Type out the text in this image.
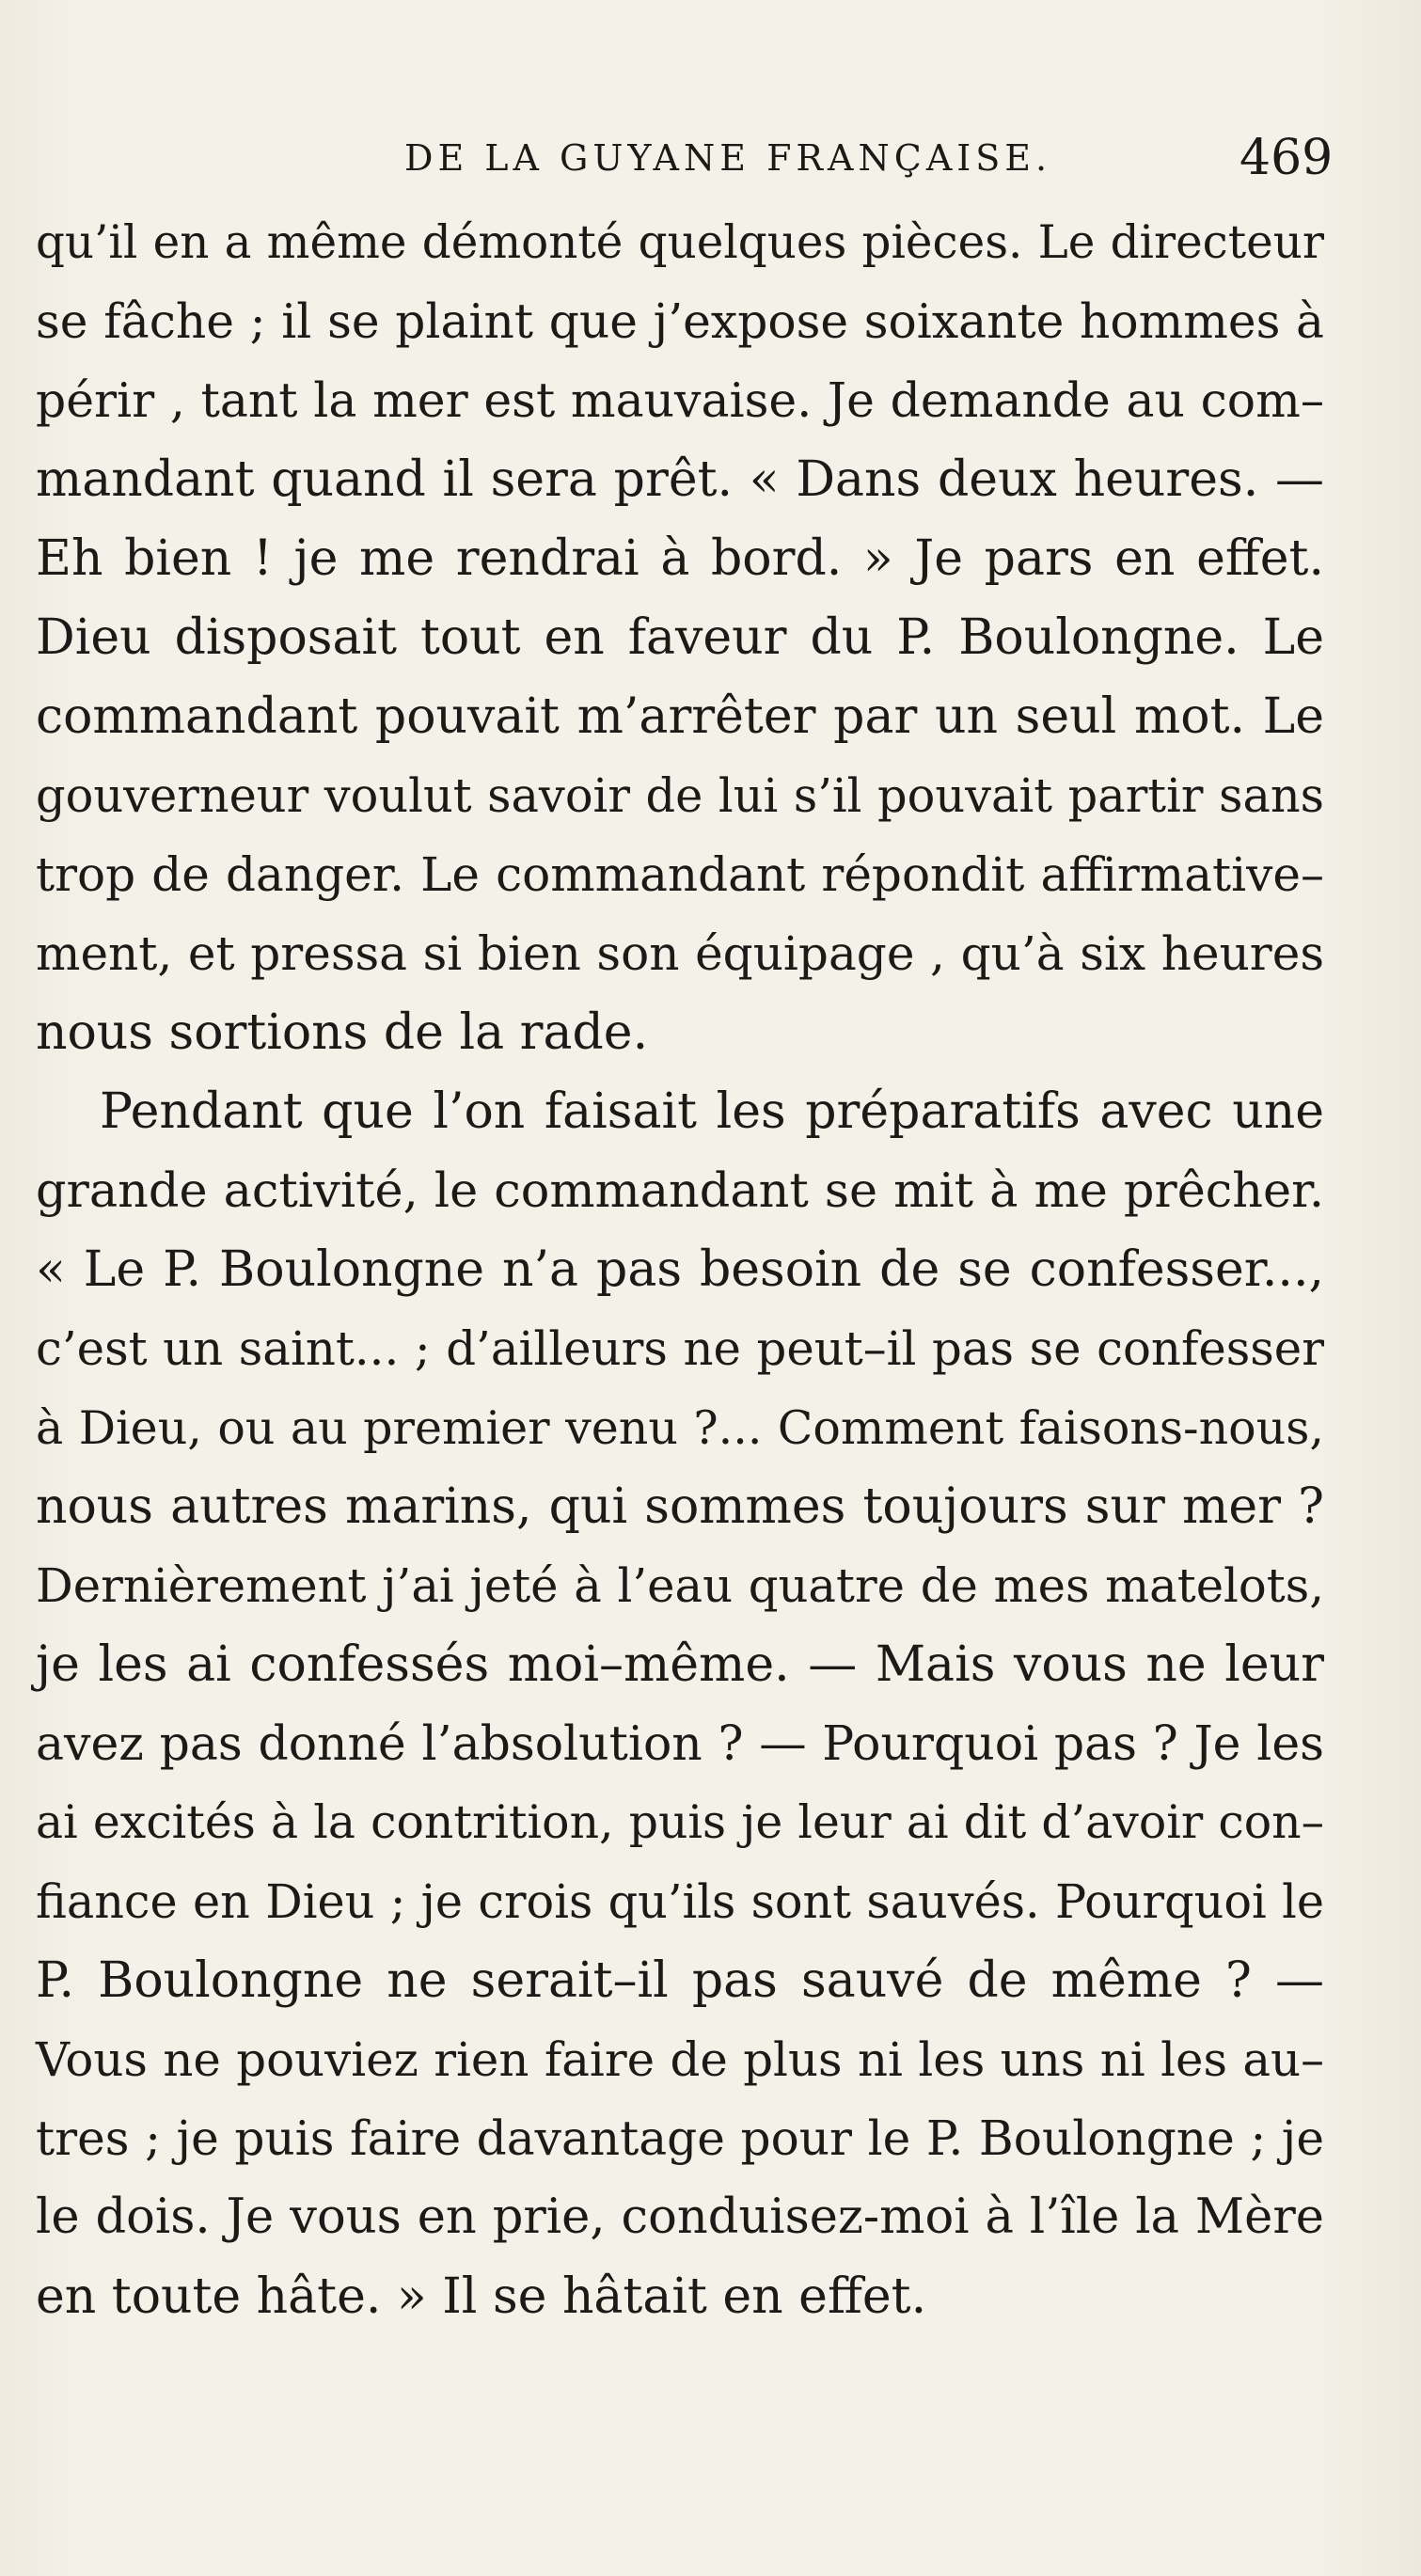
DE LA GUYANE FRANÇAISE.	469
qu’il en a même démonté quelques pièces. Le directeur
se fâche ; il se plaint que j’expose soixante hommes à
périr , tant la mer est mauvaise. Je demande au com–
mandant quand il sera prêt. « Dans deux heures. —
Eh bien ! je me rendrai à bord. » Je pars en effet.
Dieu disposait tout en faveur du P. Boulongne. Le
commandant pouvait m’arrêter par un seul mot. Le
gouverneur voulut savoir de lui s’il pouvait partir sans
trop de danger. Le commandant répondit affirmative–
ment, et pressa si bien son équipage , qu’à six heures
nous sortions de la rade.
Pendant que l’on faisait les préparatifs avec une
grande activité, le commandant se mit à me prêcher.
« Le P. Boulongne n’a pas besoin de se confesser...,
c’est un saint... ; d’ailleurs ne peut–il pas se confesser
à Dieu, ou au premier venu ?... Comment faisons-nous,
nous autres marins, qui sommes toujours sur mer ?
Dernièrement j’ai jeté à l’eau quatre de mes matelots,
je les ai confessés moi–même. — Mais vous ne leur
avez pas donné l’absolution ? — Pourquoi pas ? Je les
ai excités à la contrition, puis je leur ai dit d’avoir con–
fiance en Dieu ; je crois qu’ils sont sauvés. Pourquoi le
P. Boulongne ne serait–il pas sauvé de même ? —
Vous ne pouviez rien faire de plus ni les uns ni les au–
tres ; je puis faire davantage pour le P. Boulongne ; je
le dois. Je vous en prie, conduisez-moi à l’île la Mère
en toute hâte. » Il se hâtait en effet.
